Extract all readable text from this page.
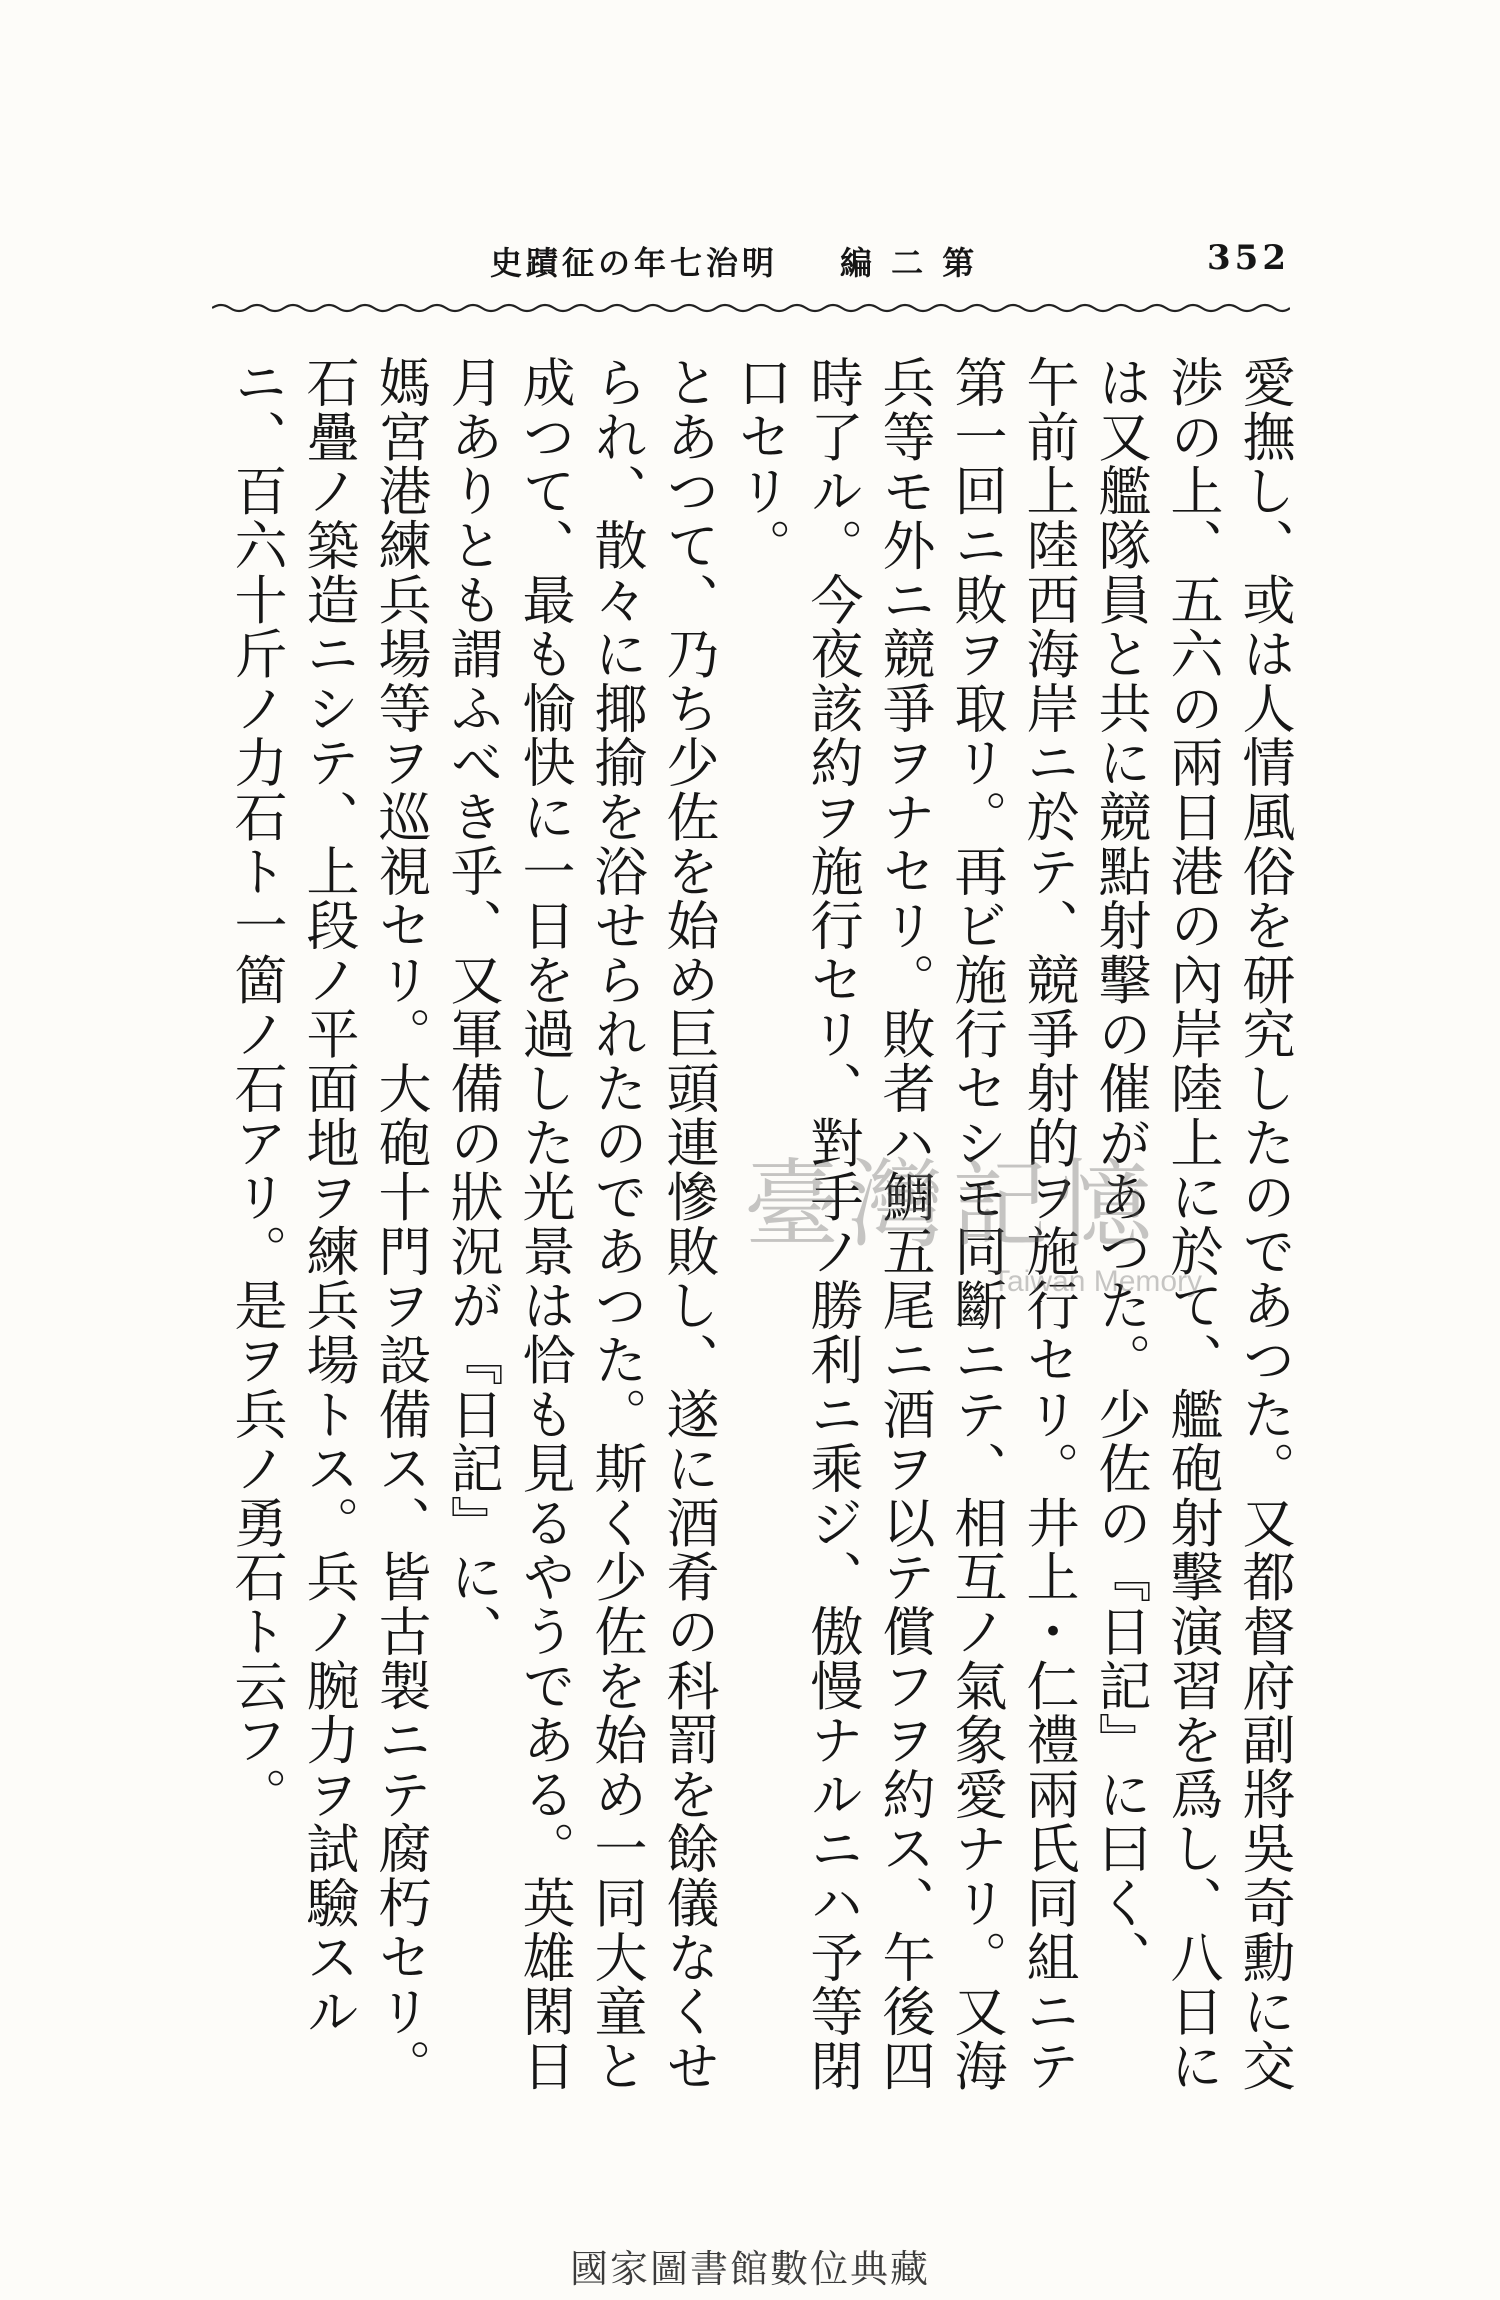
史蹟征の年七治明 編 二 第	352
愛撫し、或は人情風俗を研究したのであつた。又都督府副將吳奇勳に交渉の上、五六の兩日港の內岸陸上に於て、艦砲射擊演習を爲し、八日には又艦隊員と共に競點射擊の催があつた。少佐の『日記』に曰く、
午前上陸西海岸ニ於テ、競爭射的ヲ施行セリ。井上・仁禮兩氏同組ニテ第一回ニ敗ヲ取リ。再ビ施行セシモ同斷ニテ、相互ノ氣象愛ナリ。又海兵等モ外ニ競爭ヲナセリ。敗者ハ鯛五尾ニ酒ヲ以テ償フヲ約ス、午後四時了ル。今夜該約ヲ施行セリ、對手ノ勝利ニ乘ジ、傲慢ナルニハ予等閉口セリ。
とあつて、乃ち少佐を始め巨頭連慘敗し、遂に酒肴の科罰を餘儀なくせられ、散々に揶揄を浴せられたのであつた。斯く少佐を始め一同大童と成つて、最も愉快に一日を過した光景は恰も見るやうである。英雄閑日月ありとも謂ふべき乎、又軍備の狀況が『日記』に、
媽宮港練兵場等ヲ巡視セリ。大砲十門ヲ設備ス、皆古製ニテ腐朽セリ。石疊ノ築造ニシテ、上段ノ平面地ヲ練兵場トス。兵ノ腕力ヲ試驗スルニ、百六十斤ノ力石ト一箇ノ石アリ。是ヲ兵ノ勇石ト云フ。	臺灣記憶
Taiwan Memory
國家圖書館數位典藏
